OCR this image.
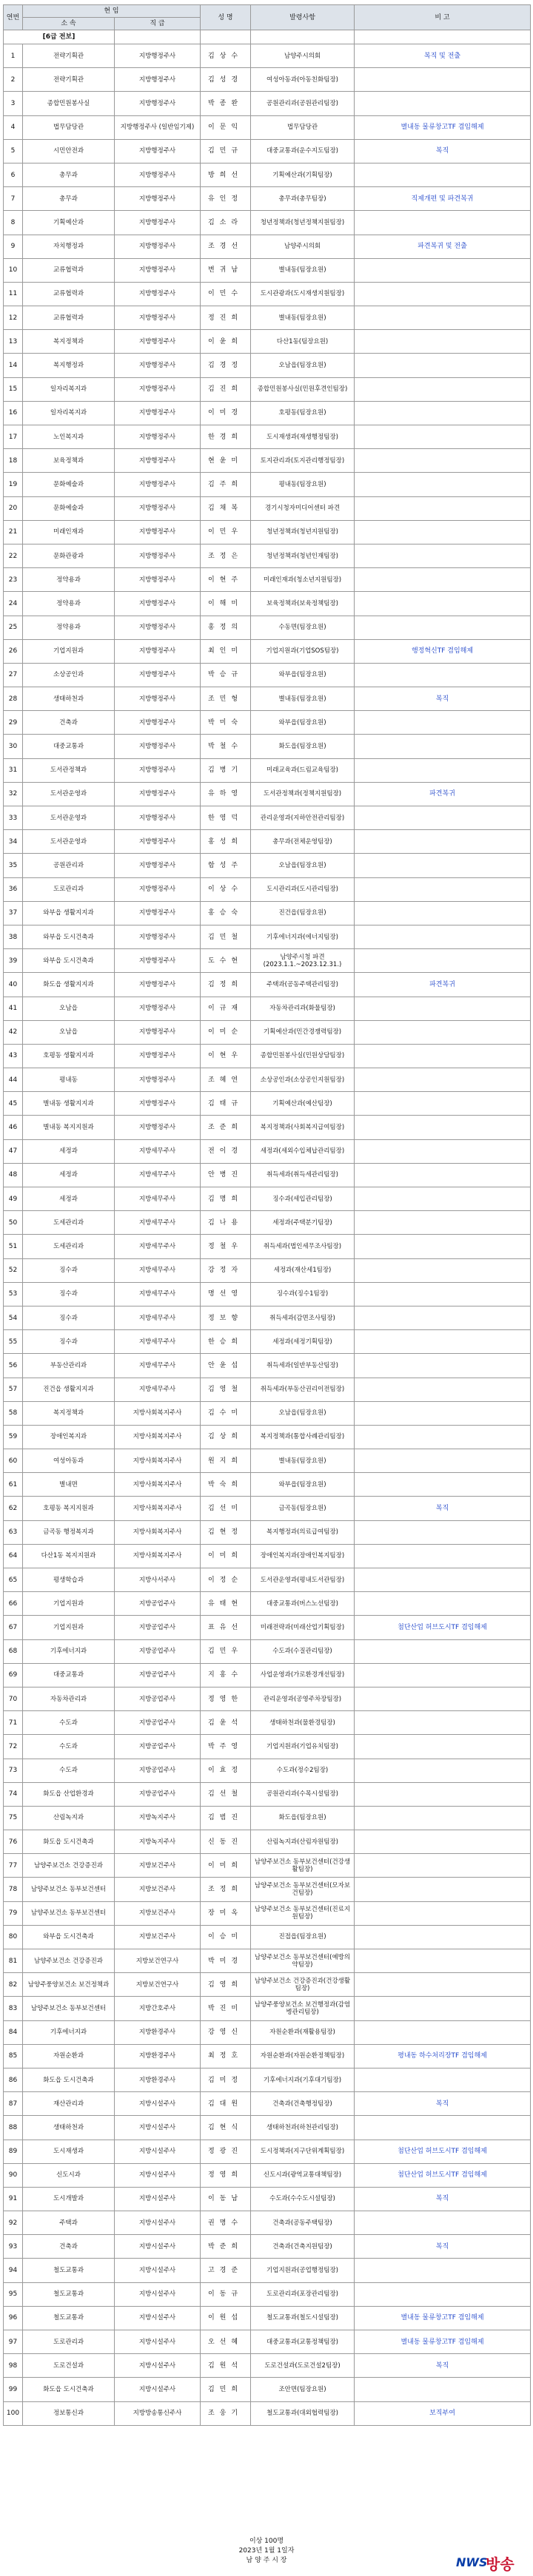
연번	현 임		성 명	발령사항	비 고
	소 속	직 급			
[6급 전보]					
1	전략기획관	지방행정주사	김상수	남양주시의회	복직 및 전출
2	전략기획관	지방행정주사	김성경	여성아동과(아동친화팀장)	
3	종합민원봉사실	지방행정주사	박종완	공원관리과(공원관리팀장)	
4	법무담당관	지방행정주사 (일반임기제)	이문익	법무담당관	별내동 물류창고TF 겸임해제
5	시민안전과	지방행정주사	김민규	대중교통과(운수지도팀장)	복직
6	총무과	지방행정주사	방희선	기획예산과(기획팀장)	
7	총무과	지방행정주사	유인정	총무과(총무팀장)	직제개편 및 파견복귀
8	기획예산과	지방행정주사	김소라	청년정책과(청년정책지원팀장)	
9	자치행정과	지방행정주사	조경선	남양주시의회	파견복귀 및 전출
10	교류협력과	지방행정주사	변귀남	별내동(팀장요원)	
11	교류협력과	지방행정주사	이민수	도시관광과(도시재생지원팀장)	
12	교류협력과	지방행정주사	정진희	별내동(팀장요원)	
13	복지정책과	지방행정주사	이윤희	다산1동(팀장요원)	
14	복지행정과	지방행정주사	김경정	오남읍(팀장요원)	
15	일자리복지과	지방행정주사	김진희	종합민원봉사실(민원후견인팀장)	
16	일자리복지과	지방행정주사	이미경	호평동(팀장요원)	
17	노인복지과	지방행정주사	한경희	도시재생과(재생행정팀장)	
18	보육정책과	지방행정주사	현윤미	토지관리과(토지관리행정팀장)	
19	문화예술과	지방행정주사	김주희	평내동(팀장요원)	
20	문화예술과	지방행정주사	김채복	경기시청자미디어센터 파견	
21	미래인재과	지방행정주사	이민우	청년정책과(청년지원팀장)	
22	문화관광과	지방행정주사	조정은	청년정책과(청년인재팀장)	
23	정약용과	지방행정주사	이현주	미래인재과(청소년지원팀장)	
24	정약용과	지방행정주사	이해미	보육정책과(보육정책팀장)	
25	정약용과	지방행정주사	홍정의	수동면(팀장요원)	
26	기업지원과	지방행정주사	최인미	기업지원과(기업SOS팀장)	행정혁신TF 겸임해제
27	소상공인과	지방행정주사	박승규	와부읍(팀장요원)	
28	생태하천과	지방행정주사	조민형	별내동(팀장요원)	복직
29	건축과	지방행정주사	박미숙	와부읍(팀장요원)	
30	대중교통과	지방행정주사	박철수	화도읍(팀장요원)	
31	도서관정책과	지방행정주사	김병기	미래교육과(드림교육팀장)	
32	도서관운영과	지방행정주사	유하영	도서관정책과(정책지원팀장)	파견복귀
33	도서관운영과	지방행정주사	한영덕	관리운영과(지하안전관리팀장)	
34	도서관운영과	지방행정주사	홍성희	총무과(전체운영팀장)	
35	공원관리과	지방행정주사	함성주	오남읍(팀장요원)	
36	도로관리과	지방행정주사	이상수	도시관리과(도시관리팀장)	
37	와부읍 생활지지과	지방행정주사	홍승숙	진건읍(팀장요원)	
38	와부읍 도시건축과	지방행정주사	김민철	기후에너지과(에너지팀장)	
39	와부읍 도시건축과	지방행정주사	도수현	남양주시청 파견 (2023.1.1.~2023.12.31.)	
40	화도읍 생활지지과	지방행정주사	김정희	주택과(공동주택관리팀장)	파견복귀
41	오남읍	지방행정주사	이규재	자동차관리과(화물팀장)	
42	오남읍	지방행정주사	이미순	기획예산과(민간경쟁력팀장)	
43	호평동 생활지지과	지방행정주사	이현우	종합민원봉사실(민원상담팀장)	
44	평내동	지방행정주사	조혜연	소상공인과(소상공인지원팀장)	
45	별내동 생활지지과	지방행정주사	김태규	기획예산과(예산팀장)	
46	별내동 복지지원과	지방행정주사	조준희	복지정책과(사회복지급여팀장)	
47	세정과	지방세무주사	전이경	세정과(세외수입체납관리팀장)	
48	세정과	지방세무주사	안병진	취득세과(취득세관리팀장)	
49	세정과	지방세무주사	김명희	징수과(세입관리팀장)	
50	도세관리과	지방세무주사	김나용	세정과(주택분기팀장)	
51	도세관리과	지방세무주사	정철우	취득세과(법인세무조사팀장)	
52	징수과	지방세무주사	강정자	세정과(재산세1팀장)	
53	징수과	지방세무주사	명선영	징수과(징수1팀장)	
54	징수과	지방세무주사	정보향	취득세과(감면조사팀장)	
55	징수과	지방세무주사	한승희	세정과(세정기획팀장)	
56	부동산관리과	지방세무주사	안윤섭	취득세과(일반부동산팀장)	
57	진건읍 생활지지과	지방세무주사	김영철	취득세과(부동산권리이전팀장)	
58	복지정책과	지방사회복지주사	김수미	오남읍(팀장요원)	
59	장애인복지과	지방사회복지주사	김상희	복지정책과(통합사례관리팀장)	
60	여성아동과	지방사회복지주사	원지희	별내동(팀장요원)	
61	별내면	지방사회복지주사	박숙희	와부읍(팀장요원)	
62	호평동 복지지원과	지방사회복지주사	김선미	금곡동(팀장요원)	복직
63	금곡동 행정복지과	지방사회복지주사	김현정	복지행정과(의료급여팀장)	
64	다산1동 복지지원과	지방사회복지주사	이미희	장애인복지과(장애인복지팀장)	
65	평생학습과	지방사서주사	이정순	도서관운영과(평내도서관팀장)	
66	기업지원과	지방공업주사	유태현	대중교통과(버스노선팀장)	
67	기업지원과	지방공업주사	표유선	미래전략과(미래산업기획팀장)	첨단산업 허브도시TF 겸임해제
68	기후에너지과	지방공업주사	김민우	수도과(수질관리팀장)	
69	대중교통과	지방공업주사	지홍수	사업운영과(가로환경개선팀장)	
70	자동차관리과	지방공업주사	정영한	관리운영과(공영주차장팀장)	
71	수도과	지방공업주사	김윤석	생태하천과(물환경팀장)	
72	수도과	지방공업주사	박주영	기업지원과(기업유치팀장)	
73	수도과	지방공업주사	이효정	수도과(정수2팀장)	
74	화도읍 산업환경과	지방공업주사	김선철	공원관리과(수목시설팀장)	
75	산림녹지과	지방녹지주사	김범진	화도읍(팀장요원)	
76	화도읍 도시건축과	지방녹지주사	신동진	산림녹지과(산림자원팀장)	
77	남양주보건소 건강증진과	지방보건주사	이미희	남양주보건소 동부보건센터(건강생활팀장)	
78	남양주보건소 동부보건센터	지방보건주사	조정희	남양주보건소 동부보건센터(모자보건팀장)	
79	남양주보건소 동부보건센터	지방보건주사	장미옥	남양주보건소 동부보건센터(진료지원팀장)	
80	와부읍 도시건축과	지방보건주사	이승미	진접읍(팀장요원)	
81	남양주보건소 건강증진과	지방보건연구사	박미경	남양주보건소 동부보건센터(예방의약팀장)	
82	남양주풍양보건소 보건정책과	지방보건연구사	김영희	남양주보건소 건강증진과(건강생활팀장)	
83	남양주보건소 동부보건센터	지방간호주사	박진미	남양주풍양보건소 보건행정과(감염병관리팀장)	
84	기후에너지과	지방환경주사	강영신	자원순환과(재활용팀장)	
85	자원순환과	지방환경주사	최정호	자원순환과(자원순환정책팀장)	평내동 하수처리장TF 겸임해제
86	화도읍 도시건축과	지방환경주사	김미정	기후에너지과(기후대기팀장)	
87	재산관리과	지방시설주사	김대원	건축과(건축행정팀장)	복직
88	생태하천과	지방시설주사	김현식	생태하천과(하천관리팀장)	
89	도시재생과	지방시설주사	정광진	도시정책과(지구단위계획팀장)	첨단산업 허브도시TF 겸임해제
90	신도시과	지방시설주사	정영희	신도시과(광역교통대책팀장)	첨단산업 허브도시TF 겸임해제
91	도시개발과	지방시설주사	이동남	수도과(수수도시설팀장)	복직
92	주택과	지방시설주사	권명수	건축과(공동주택팀장)	
93	건축과	지방시설주사	박준희	건축과(건축지원팀장)	복직
94	철도교통과	지방시설주사	고경준	기업지원과(공업행정팀장)	
95	철도교통과	지방시설주사	이동규	도로관리과(포장관리팀장)	
96	철도교통과	지방시설주사	이원섭	철도교통과(철도시설팀장)	별내동 물류창고TF 겸임해제
97	도로관리과	지방시설주사	오선혜	대중교통과(교통정책팀장)	별내동 물류창고TF 겸임해제
98	도로건설과	지방시설주사	김원석	도로건설과(도로건설2팀장)	복직
99	화도읍 도시건축과	지방시설주사	김민희	조안면(팀장요원)	
100	정보통신과	지방방송통신주사	조웅기	철도교통과(대외협력팀장)	보직부여
이상 100명
2023년 1월 1일자
남 양 주 시 장	NWS
방송
